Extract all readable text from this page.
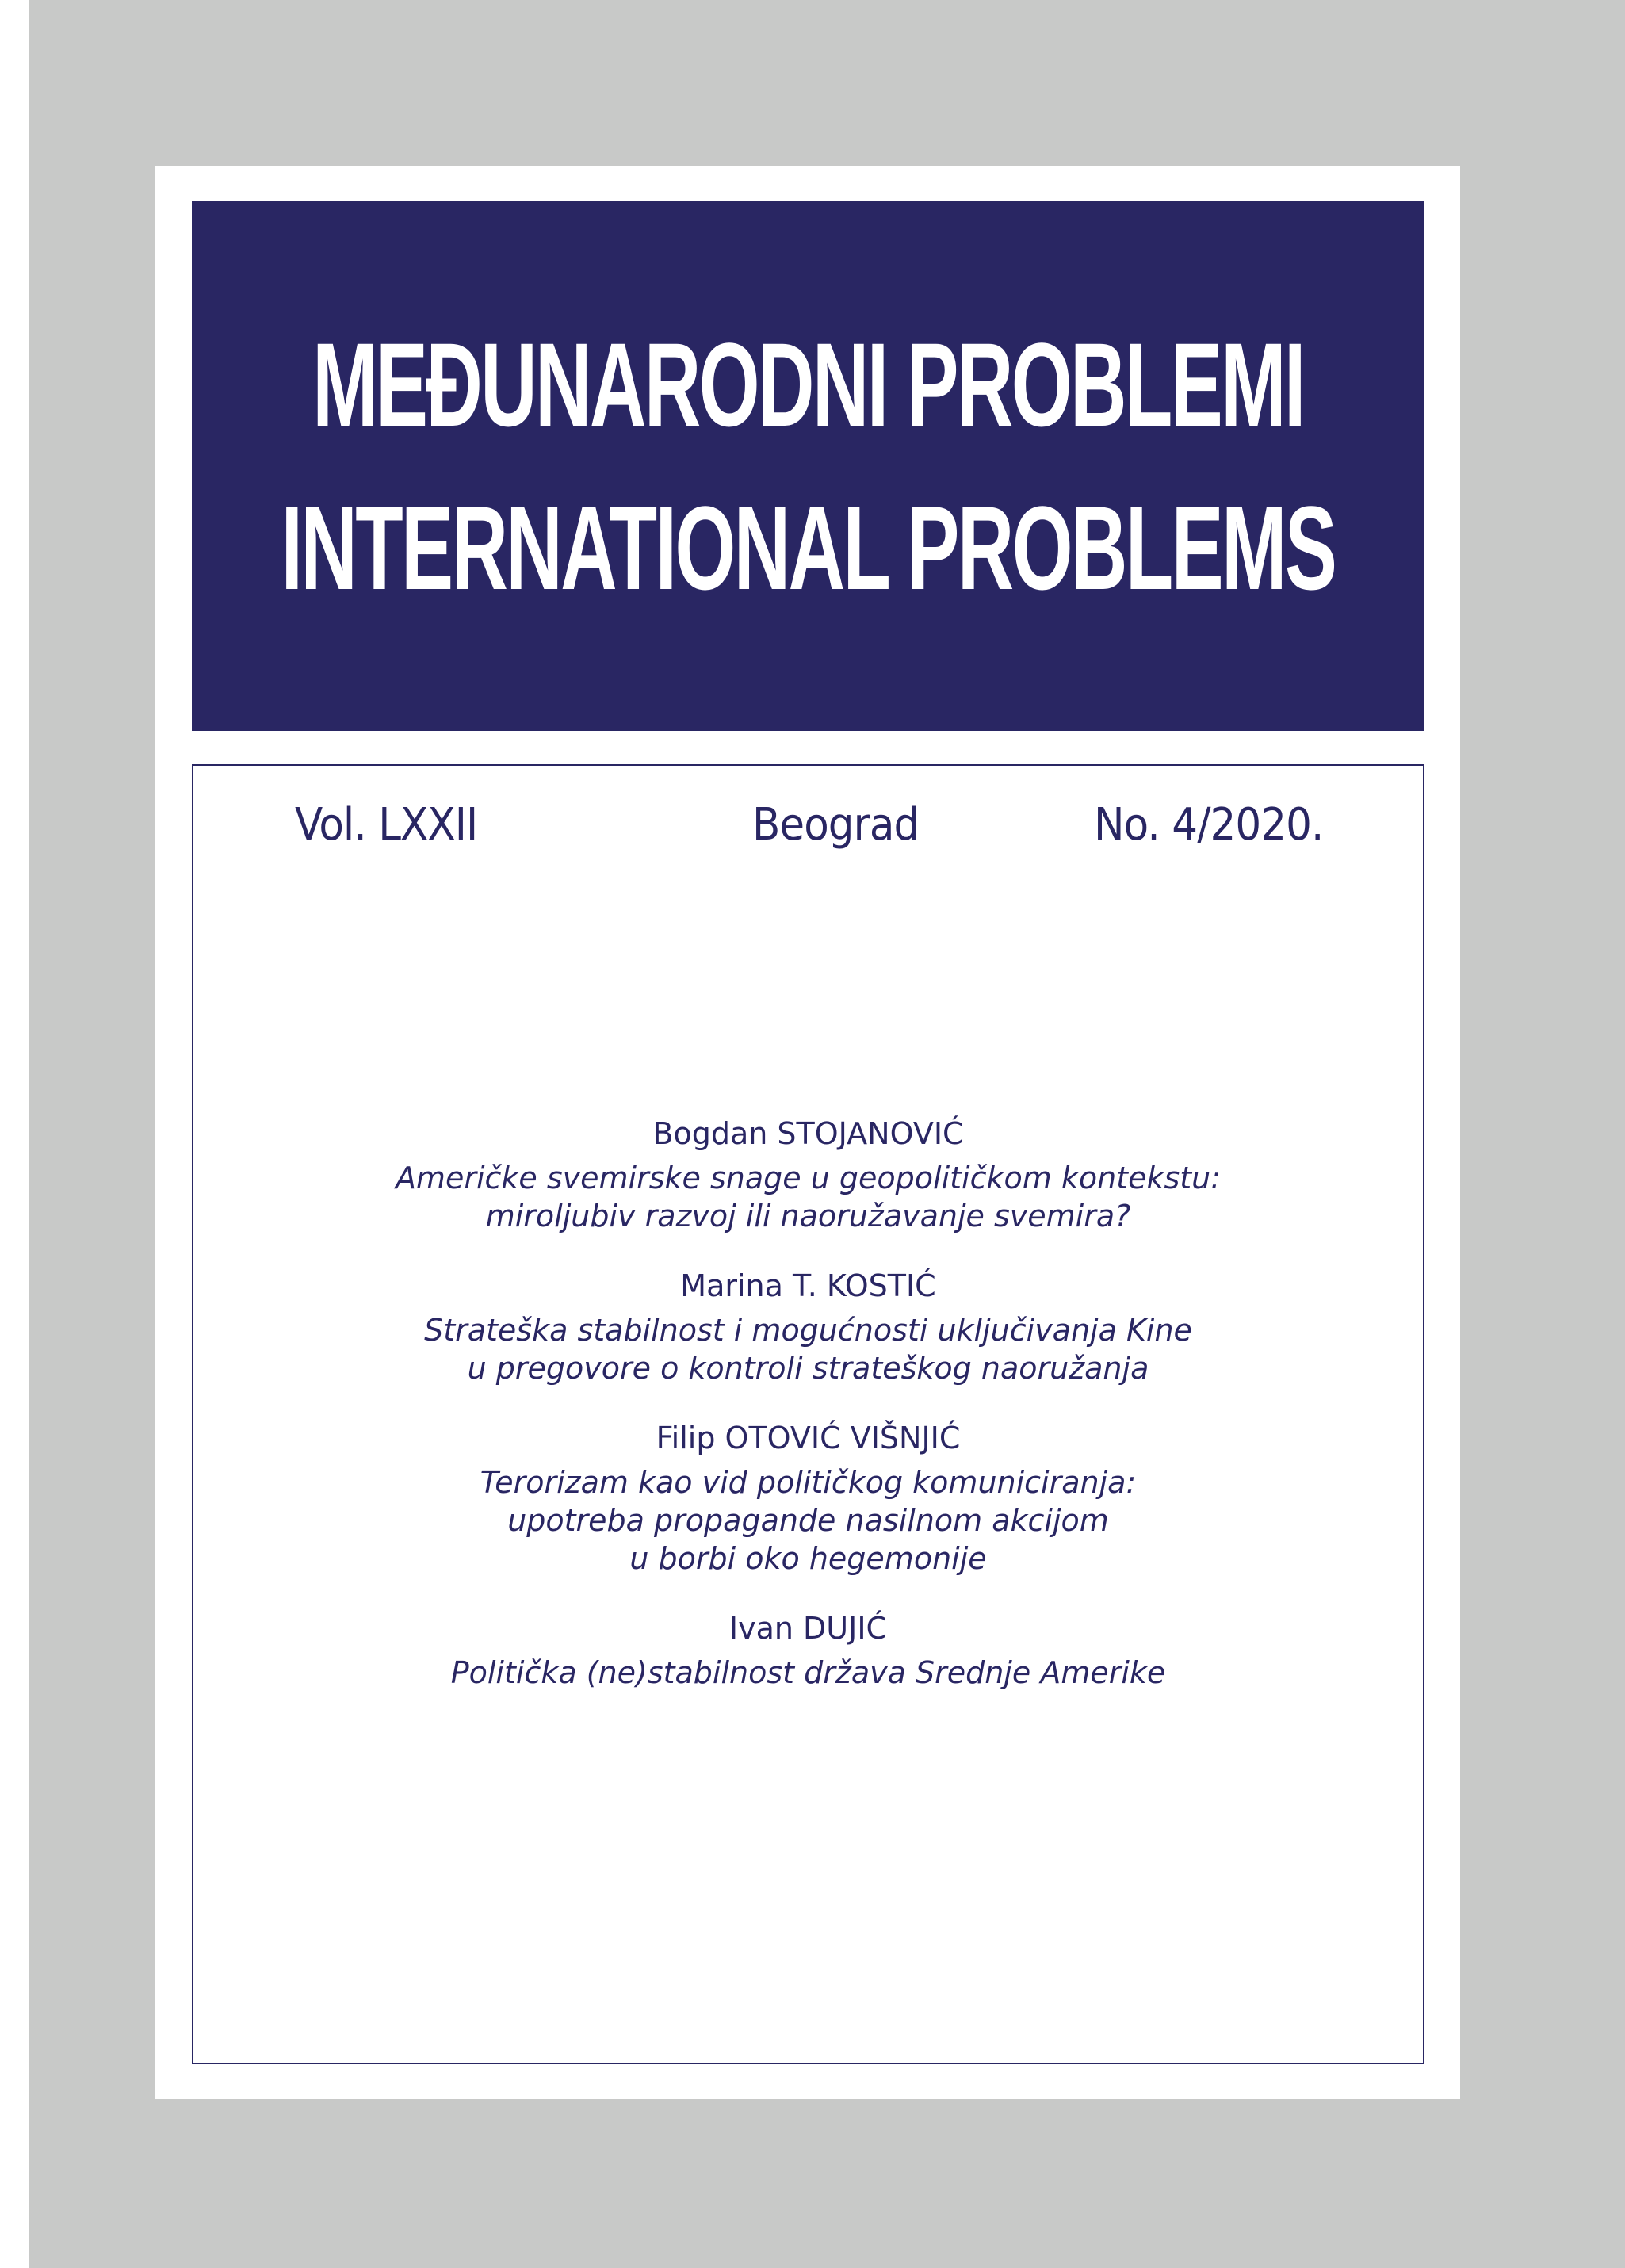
MEĐUNARODNI PROBLEMI
INTERNATIONAL PROBLEMS
Vol. LXXII	Beograd	No. 4/2020.
Bogdan STOJANOVIĆ
Američke svemirske snage u geopolitičkom kontekstu:
miroljubiv razvoj ili naoružavanje svemira?
Marina T. KOSTIĆ
Strateška stabilnost i mogućnosti uključivanja Kine
u pregovore o kontroli strateškog naoružanja
Filip OTOVIĆ VIŠNJIĆ
Terorizam kao vid političkog komuniciranja:
upotreba propagande nasilnom akcijom
u borbi oko hegemonije
Ivan DUJIĆ
Politička (ne)stabilnost država Srednje Amerike
